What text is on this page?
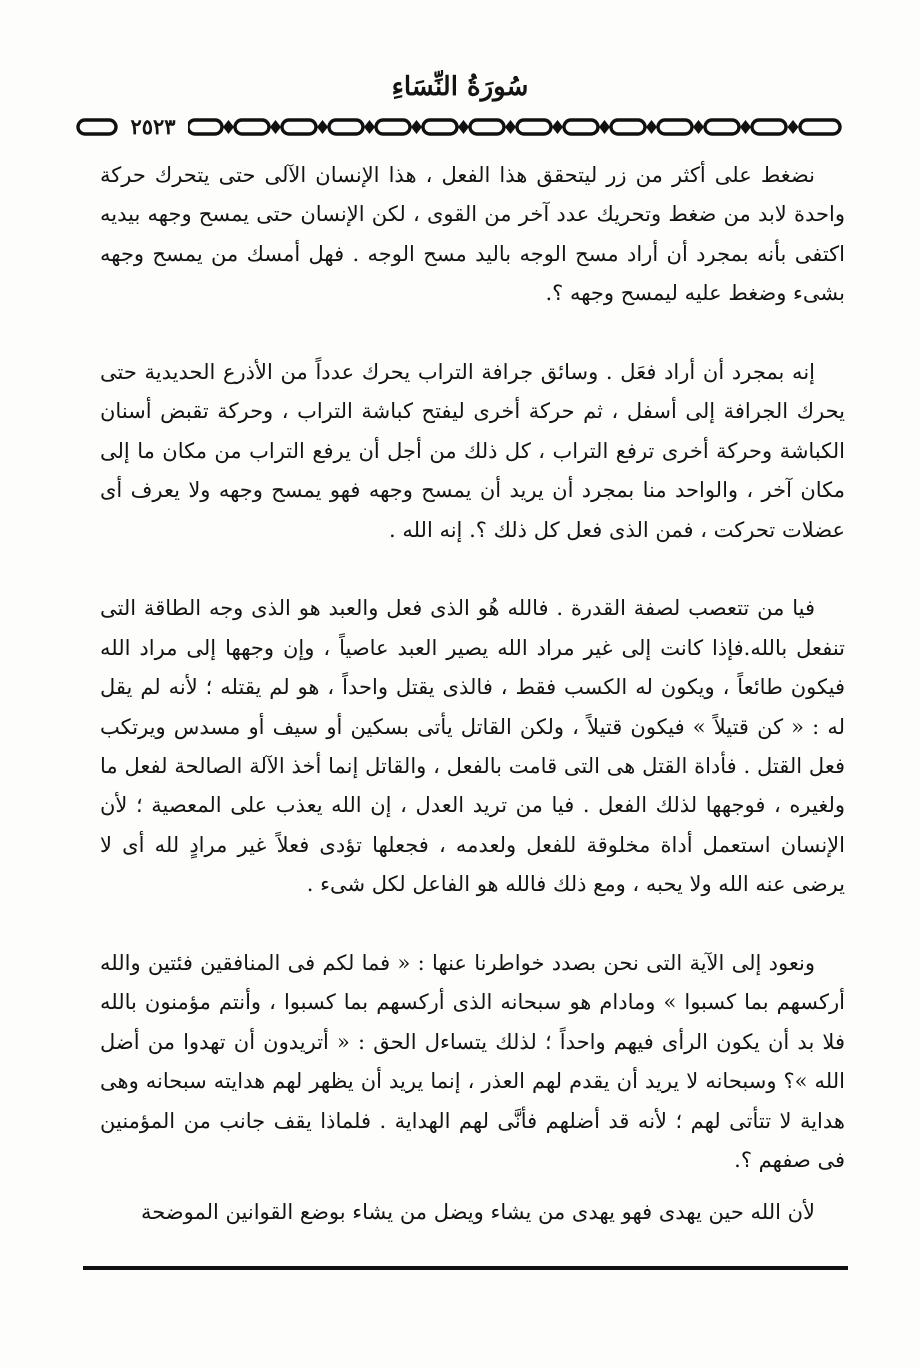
سُورَةُ النِّسَاءِ
٢٥٢٣

نضغط على أكثر من زر ليتحقق هذا الفعل ، هذا الإنسان الآلى حتى يتحرك حركة واحدة لابد من ضغط وتحريك عدد آخر من القوى ، لكن الإنسان حتى يمسح وجهه بيديه اكتفى بأنه بمجرد أن أراد مسح الوجه باليد مسح الوجه . فهل أمسك من يمسح وجهه بشىء وضغط عليه ليمسح وجهه ؟.

إنه بمجرد أن أراد فعَل . وسائق جرافة التراب يحرك عدداً من الأذرع الحديدية حتى يحرك الجرافة إلى أسفل ، ثم حركة أخرى ليفتح كباشة التراب ، وحركة تقبض أسنان الكباشة وحركة أخرى ترفع التراب ، كل ذلك من أجل أن يرفع التراب من مكان ما إلى مكان آخر ، والواحد منا بمجرد أن يريد أن يمسح وجهه فهو يمسح وجهه ولا يعرف أى عضلات تحركت ، فمن الذى فعل كل ذلك ؟. إنه الله .

فيا من تتعصب لصفة القدرة . فالله هُو الذى فعل والعبد هو الذى وجه الطاقة التى تنفعل بالله.فإذا كانت إلى غير مراد الله يصير العبد عاصياً ، وإن وجهها إلى مراد الله فيكون طائعاً ، ويكون له الكسب فقط ، فالذى يقتل واحداً ، هو لم يقتله ؛ لأنه لم يقل له : « كن قتيلاً » فيكون قتيلاً ، ولكن القاتل يأتى بسكين أو سيف أو مسدس ويرتكب فعل القتل . فأداة القتل هى التى قامت بالفعل ، والقاتل إنما أخذ الآلة الصالحة لفعل ما ولغيره ، فوجهها لذلك الفعل . فيا من تريد العدل ، إن الله يعذب على المعصية ؛ لأن الإنسان استعمل أداة مخلوقة للفعل ولعدمه ، فجعلها تؤدى فعلاً غير مرادٍ لله أى لا يرضى عنه الله ولا يحبه ، ومع ذلك فالله هو الفاعل لكل شىء .

ونعود إلى الآية التى نحن بصدد خواطرنا عنها : « فما لكم فى المنافقين فئتين والله أركسهم بما كسبوا » ومادام هو سبحانه الذى أركسهم بما كسبوا ، وأنتم مؤمنون بالله فلا بد أن يكون الرأى فيهم واحداً ؛ لذلك يتساءل الحق : « أتريدون أن تهدوا من أضل الله »؟ وسبحانه لا يريد أن يقدم لهم العذر ، إنما يريد أن يظهر لهم هدايته سبحانه وهى هداية لا تتأتى لهم ؛ لأنه قد أضلهم فأنَّى لهم الهداية . فلماذا يقف جانب من المؤمنين فى صفهم ؟.

لأن الله حين يهدى فهو يهدى من يشاء ويضل من يشاء بوضع القوانين الموضحة
